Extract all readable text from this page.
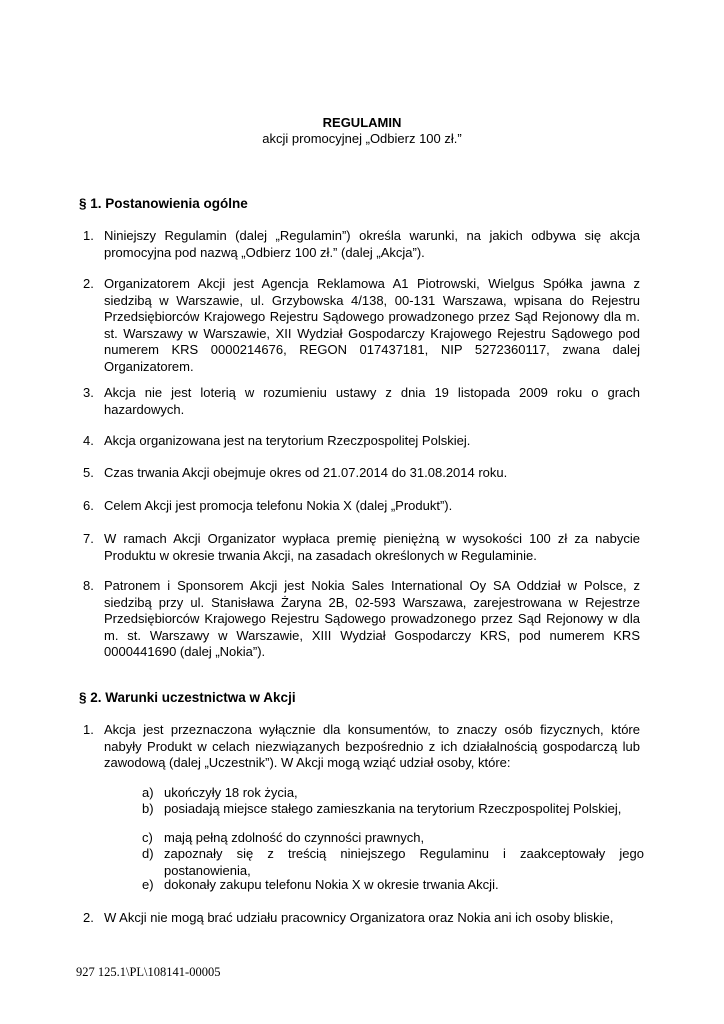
REGULAMIN
akcji promocyjnej „Odbierz 100 zł.”
§ 1. Postanowienia ogólne
1. Niniejszy Regulamin (dalej „Regulamin”) określa warunki, na jakich odbywa się akcja promocyjna pod nazwą „Odbierz 100 zł.” (dalej „Akcja”).
2. Organizatorem Akcji jest Agencja Reklamowa A1 Piotrowski, Wielgus Spółka jawna z siedzibą w Warszawie, ul. Grzybowska 4/138, 00-131 Warszawa, wpisana do Rejestru Przedsiębiorców Krajowego Rejestru Sądowego prowadzonego przez Sąd Rejonowy dla m. st. Warszawy w Warszawie, XII Wydział Gospodarczy Krajowego Rejestru Sądowego pod numerem KRS 0000214676, REGON 017437181, NIP 5272360117, zwana dalej Organizatorem.
3. Akcja nie jest loterią w rozumieniu ustawy z dnia 19 listopada 2009 roku o grach hazardowych.
4. Akcja organizowana jest na terytorium Rzeczpospolitej Polskiej.
5. Czas trwania Akcji obejmuje okres od 21.07.2014 do 31.08.2014 roku.
6. Celem Akcji jest promocja telefonu Nokia X (dalej „Produkt”).
7. W ramach Akcji Organizator wypłaca premię pieniężną w wysokości 100 zł za nabycie Produktu w okresie trwania Akcji, na zasadach określonych w Regulaminie.
8. Patronem i Sponsorem Akcji jest Nokia Sales International Oy SA Oddział w Polsce, z siedzibą przy ul. Stanisława Żaryna 2B, 02-593 Warszawa, zarejestrowana w Rejestrze Przedsiębiorców Krajowego Rejestru Sądowego prowadzonego przez Sąd Rejonowy w dla m. st. Warszawy w Warszawie, XIII Wydział Gospodarczy KRS, pod numerem KRS 0000441690 (dalej „Nokia”).
§ 2. Warunki uczestnictwa w Akcji
1. Akcja jest przeznaczona wyłącznie dla konsumentów, to znaczy osób fizycznych, które nabyły Produkt w celach niezwiązanych bezpośrednio z ich działalnością gospodarczą lub zawodową (dalej „Uczestnik”). W Akcji mogą wziąć udział osoby, które:
a) ukończyły 18 rok życia,
b) posiadają miejsce stałego zamieszkania na terytorium Rzeczpospolitej Polskiej,
c) mają pełną zdolność do czynności prawnych,
d) zapoznały się z treścią niniejszego Regulaminu i zaakceptowały jego postanowienia,
e) dokonały zakupu telefonu Nokia X w okresie trwania Akcji.
2. W Akcji nie mogą brać udziału pracownicy Organizatora oraz Nokia ani ich osoby bliskie,
927 125.1\PL\108141-00005
